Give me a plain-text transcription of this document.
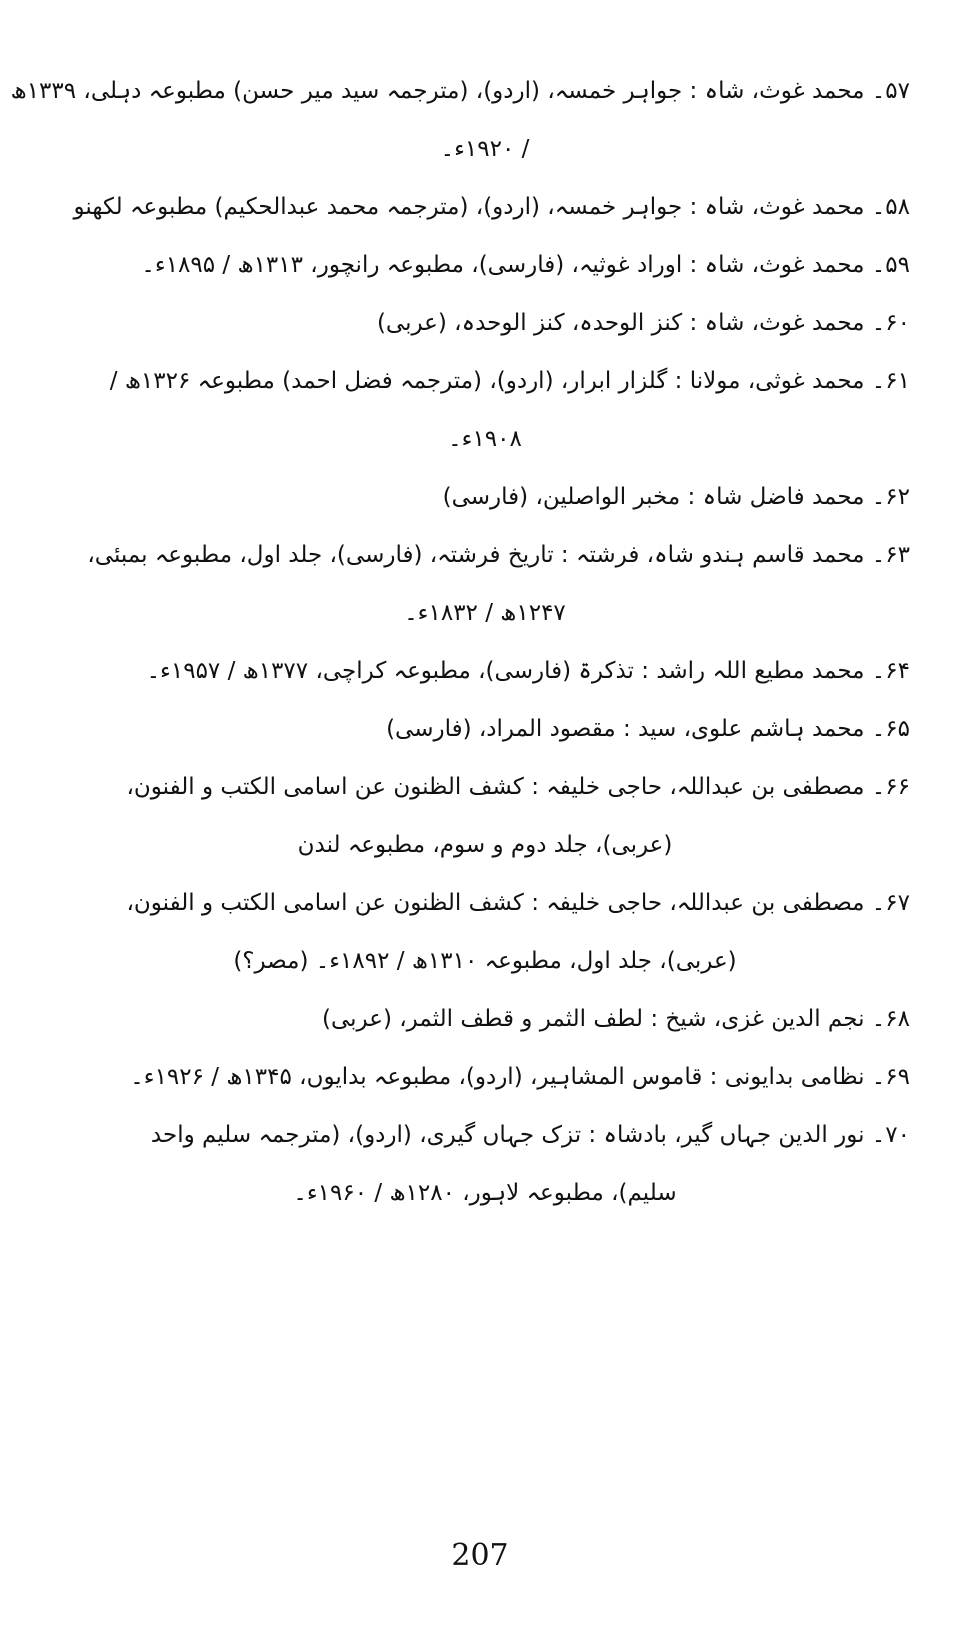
۵۷۔ محمد غوث، شاہ : جواہر خمسہ، (اردو)، (مترجمہ سید میر حسن) مطبوعہ دہلی، ۱۳۳۹ھ
/ ۱۹۲۰ء۔

۵۸۔ محمد غوث، شاہ : جواہر خمسہ، (اردو)، (مترجمہ محمد عبدالحکیم) مطبوعہ لکھنو

۵۹۔ محمد غوث، شاہ : اوراد غوثیہ، (فارسی)، مطبوعہ رانچور، ۱۳۱۳ھ / ۱۸۹۵ء۔

۶۰۔ محمد غوث، شاہ : کنز الوحدہ، کنز الوحدہ، (عربی)

۶۱۔ محمد غوثی، مولانا : گلزار ابرار، (اردو)، (مترجمہ فضل احمد) مطبوعہ ۱۳۲۶ھ /
۱۹۰۸ء۔

۶۲۔ محمد فاضل شاہ : مخبر الواصلین، (فارسی)

۶۳۔ محمد قاسم ہندو شاہ، فرشتہ : تاریخ فرشتہ، (فارسی)، جلد اول، مطبوعہ بمبئی،
۱۲۴۷ھ / ۱۸۳۲ء۔

۶۴۔ محمد مطیع اللہ راشد : تذکرۃ (فارسی)، مطبوعہ کراچی، ۱۳۷۷ھ / ۱۹۵۷ء۔

۶۵۔ محمد ہاشم علوی، سید : مقصود المراد، (فارسی)

۶۶۔ مصطفی بن عبداللہ، حاجی خلیفہ : کشف الظنون عن اسامی الکتب و الفنون،
(عربی)، جلد دوم و سوم، مطبوعہ لندن

۶۷۔ مصطفی بن عبداللہ، حاجی خلیفہ : کشف الظنون عن اسامی الکتب و الفنون،
(عربی)، جلد اول، مطبوعہ ۱۳۱۰ھ / ۱۸۹۲ء۔ (مصر؟)

۶۸۔ نجم الدین غزی، شیخ : لطف الثمر و قطف الثمر، (عربی)

۶۹۔ نظامی بدایونی : قاموس المشاہیر، (اردو)، مطبوعہ بدایوں، ۱۳۴۵ھ / ۱۹۲۶ء۔

۷۰۔ نور الدین جہاں گیر، بادشاہ : تزک جہاں گیری، (اردو)، (مترجمہ سلیم واحد
سلیم)، مطبوعہ لاہور، ۱۲۸۰ھ / ۱۹۶۰ء۔

207
